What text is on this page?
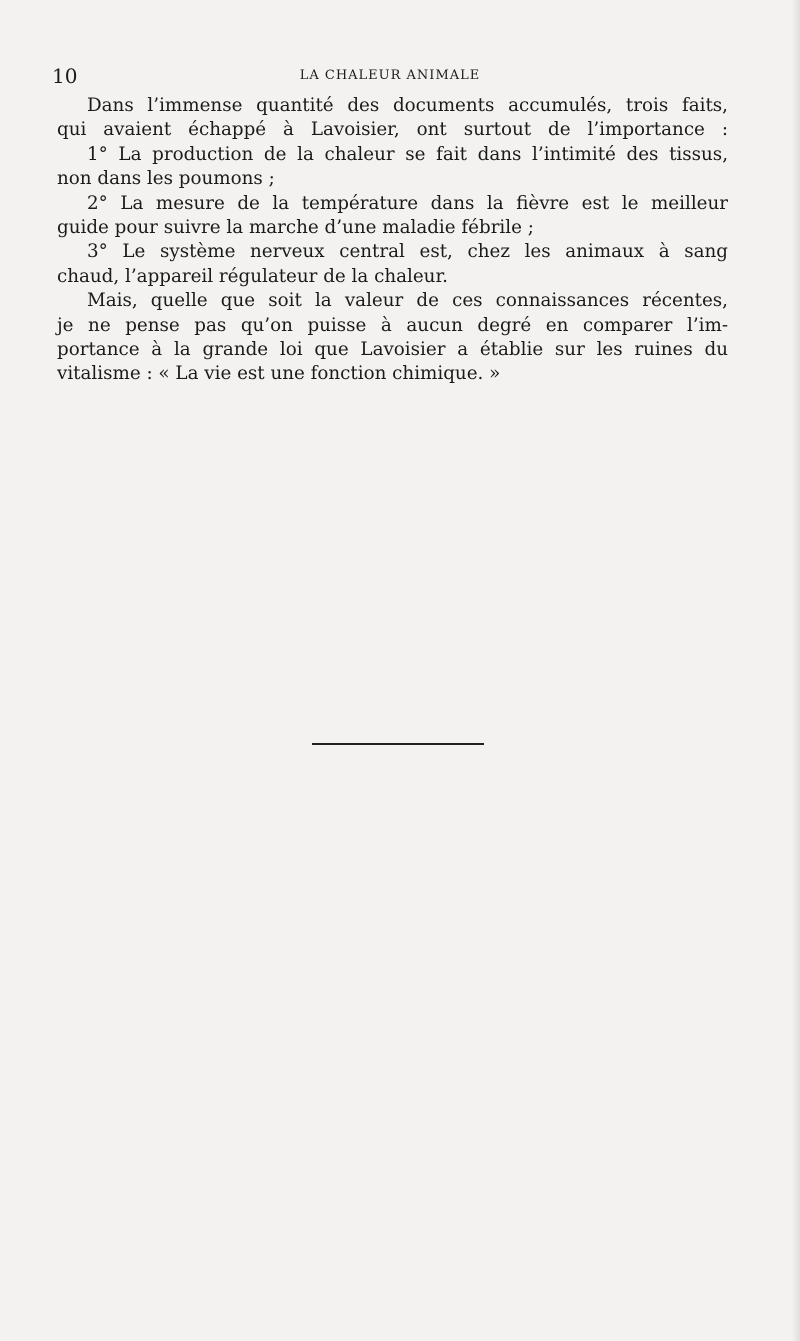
10	LA CHALEUR ANIMALE
Dans l’immense quantité des documents accumulés, trois faits,
qui avaient échappé à Lavoisier, ont surtout de l’importance :
1° La production de la chaleur se fait dans l’intimité des tissus,
non dans les poumons ;
2° La mesure de la température dans la fièvre est le meilleur
guide pour suivre la marche d’une maladie fébrile ;
3° Le système nerveux central est, chez les animaux à sang
chaud, l’appareil régulateur de la chaleur.
Mais, quelle que soit la valeur de ces connaissances récentes,
je ne pense pas qu’on puisse à aucun degré en comparer l’im-
portance à la grande loi que Lavoisier a établie sur les ruines du
vitalisme : « La vie est une fonction chimique. »
